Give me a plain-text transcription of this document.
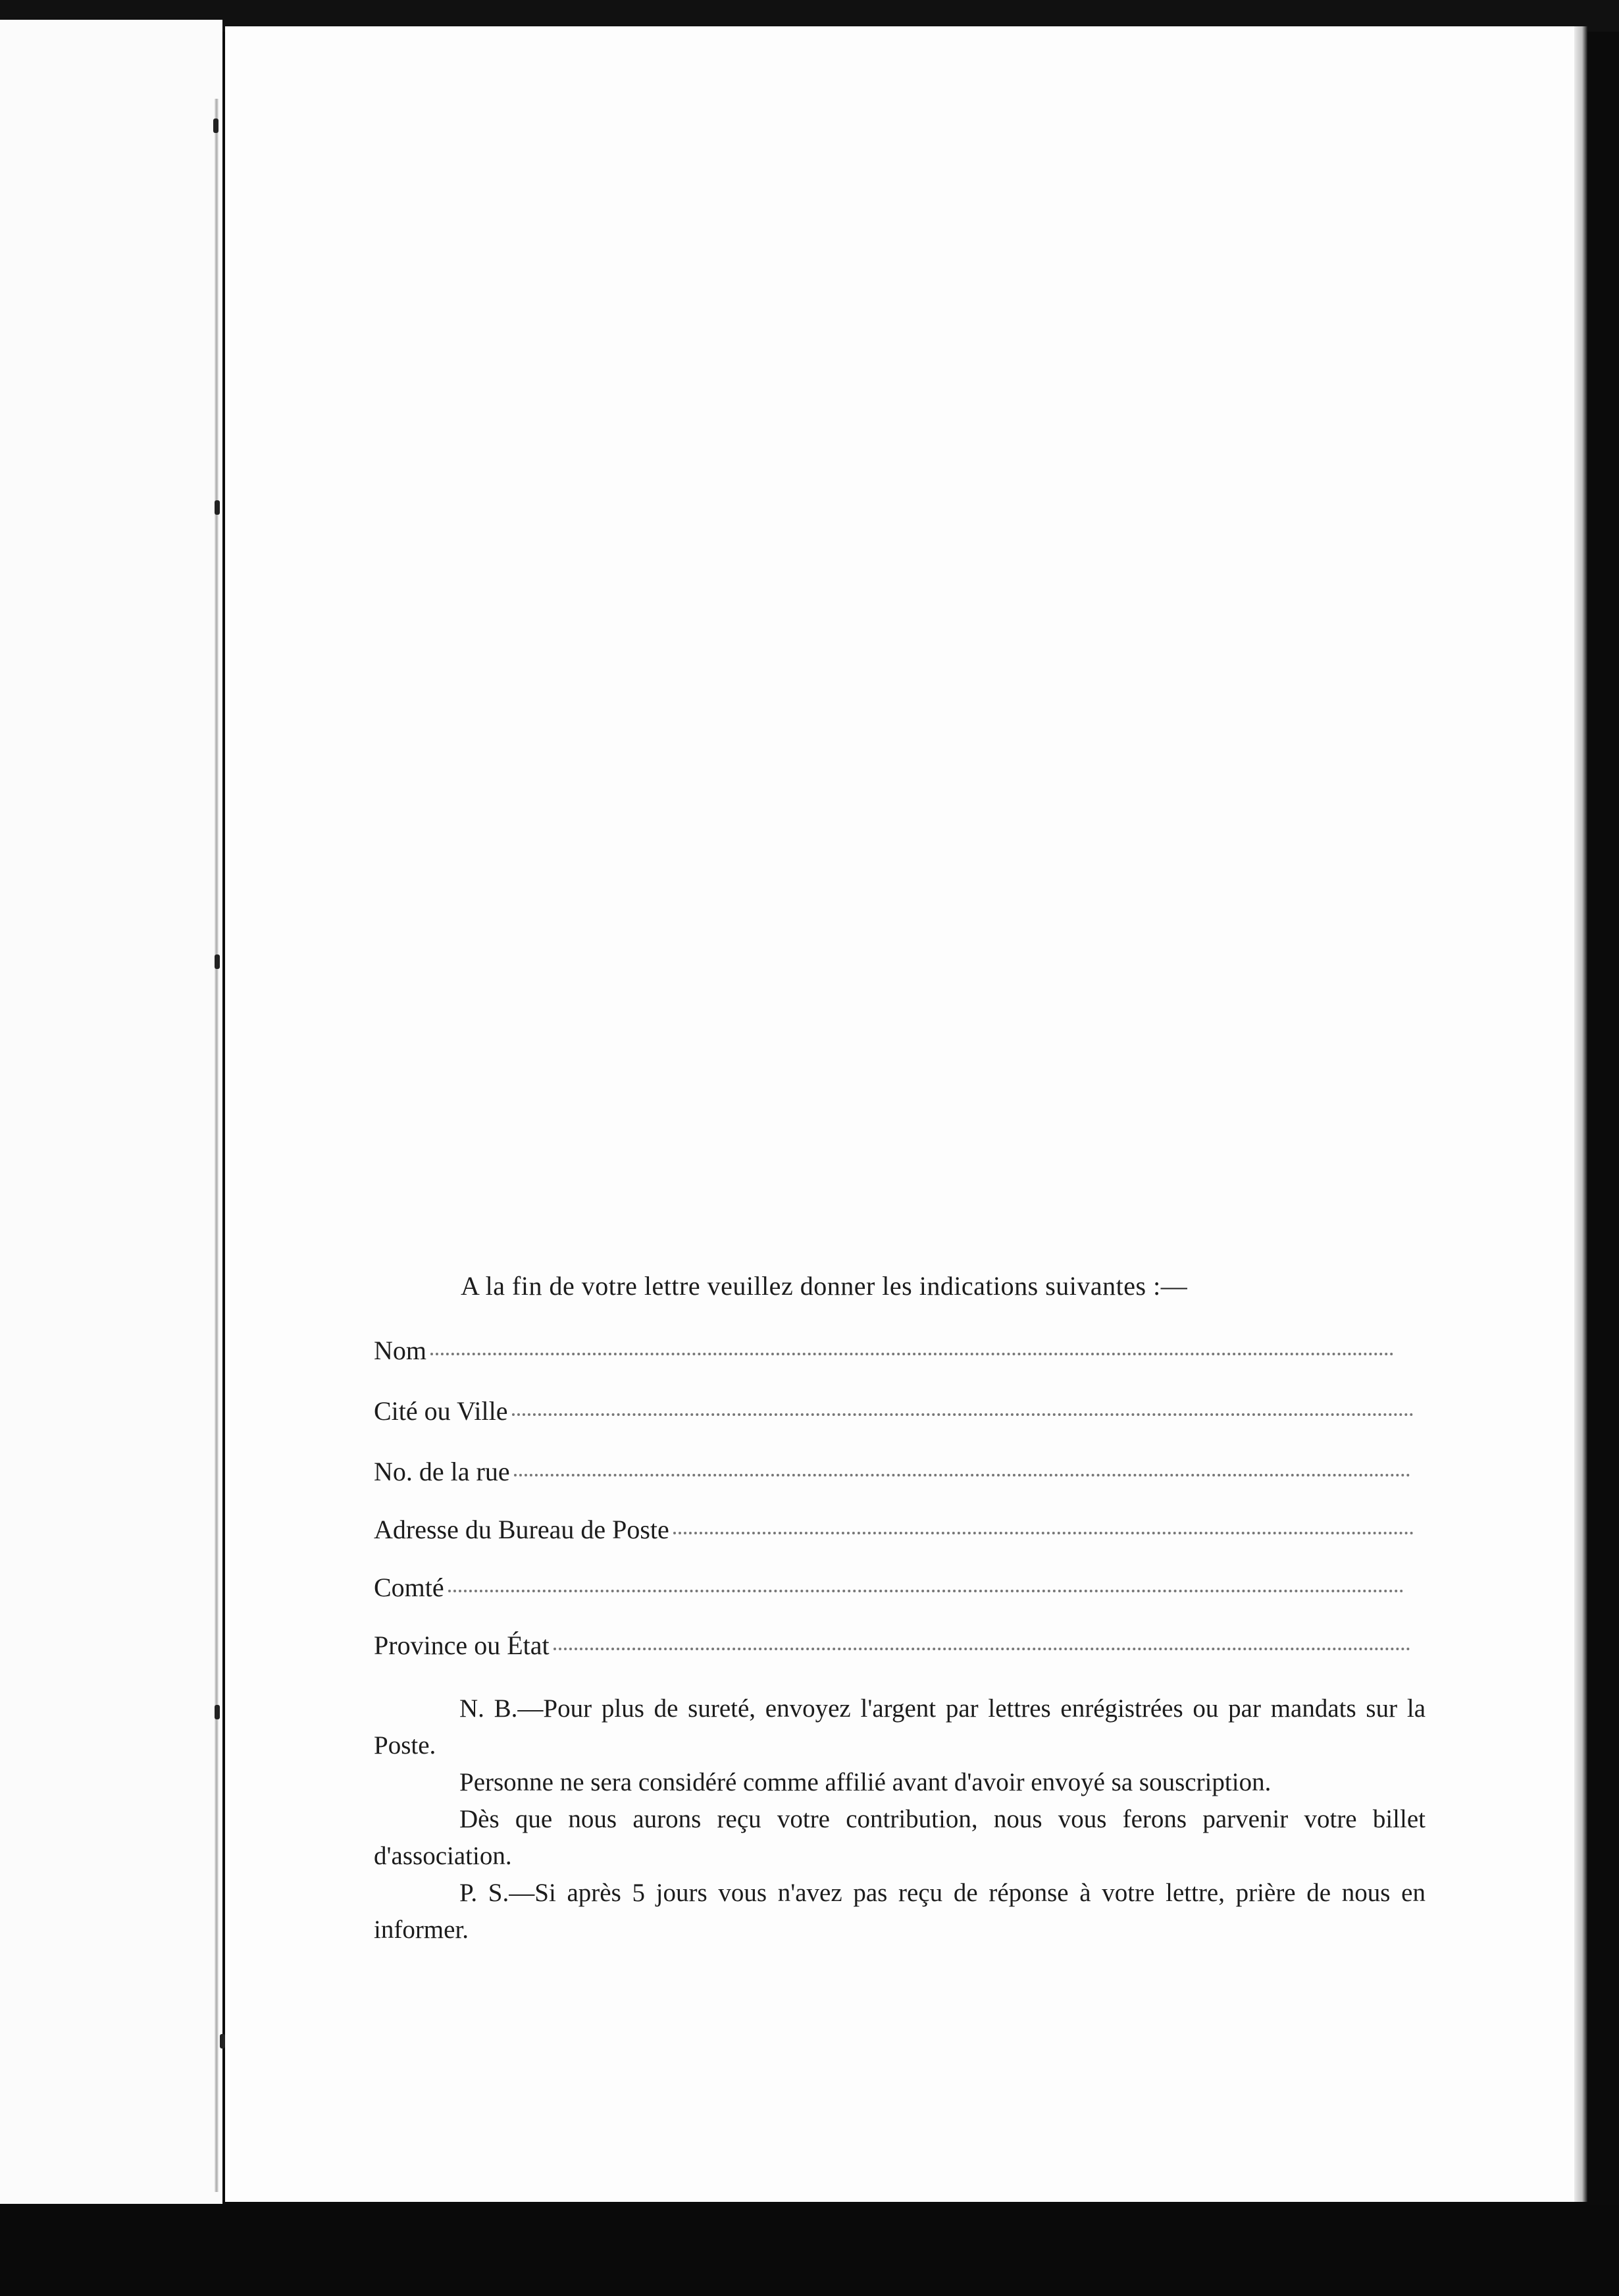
A la fin de votre lettre veuillez donner les indications suivantes :—
Nom
Cité ou Ville
No. de la rue
Adresse du Bureau de Poste
Comté
Province ou État

N. B.—Pour plus de sureté, envoyez l'argent par lettres enrégistrées ou par mandats sur la Poste.

Personne ne sera considéré comme affilié avant d'avoir envoyé sa souscription.

Dès que nous aurons reçu votre contribution, nous vous ferons parvenir votre billet d'association.

P. S.—Si après 5 jours vous n'avez pas reçu de réponse à votre lettre, prière de nous en informer.
